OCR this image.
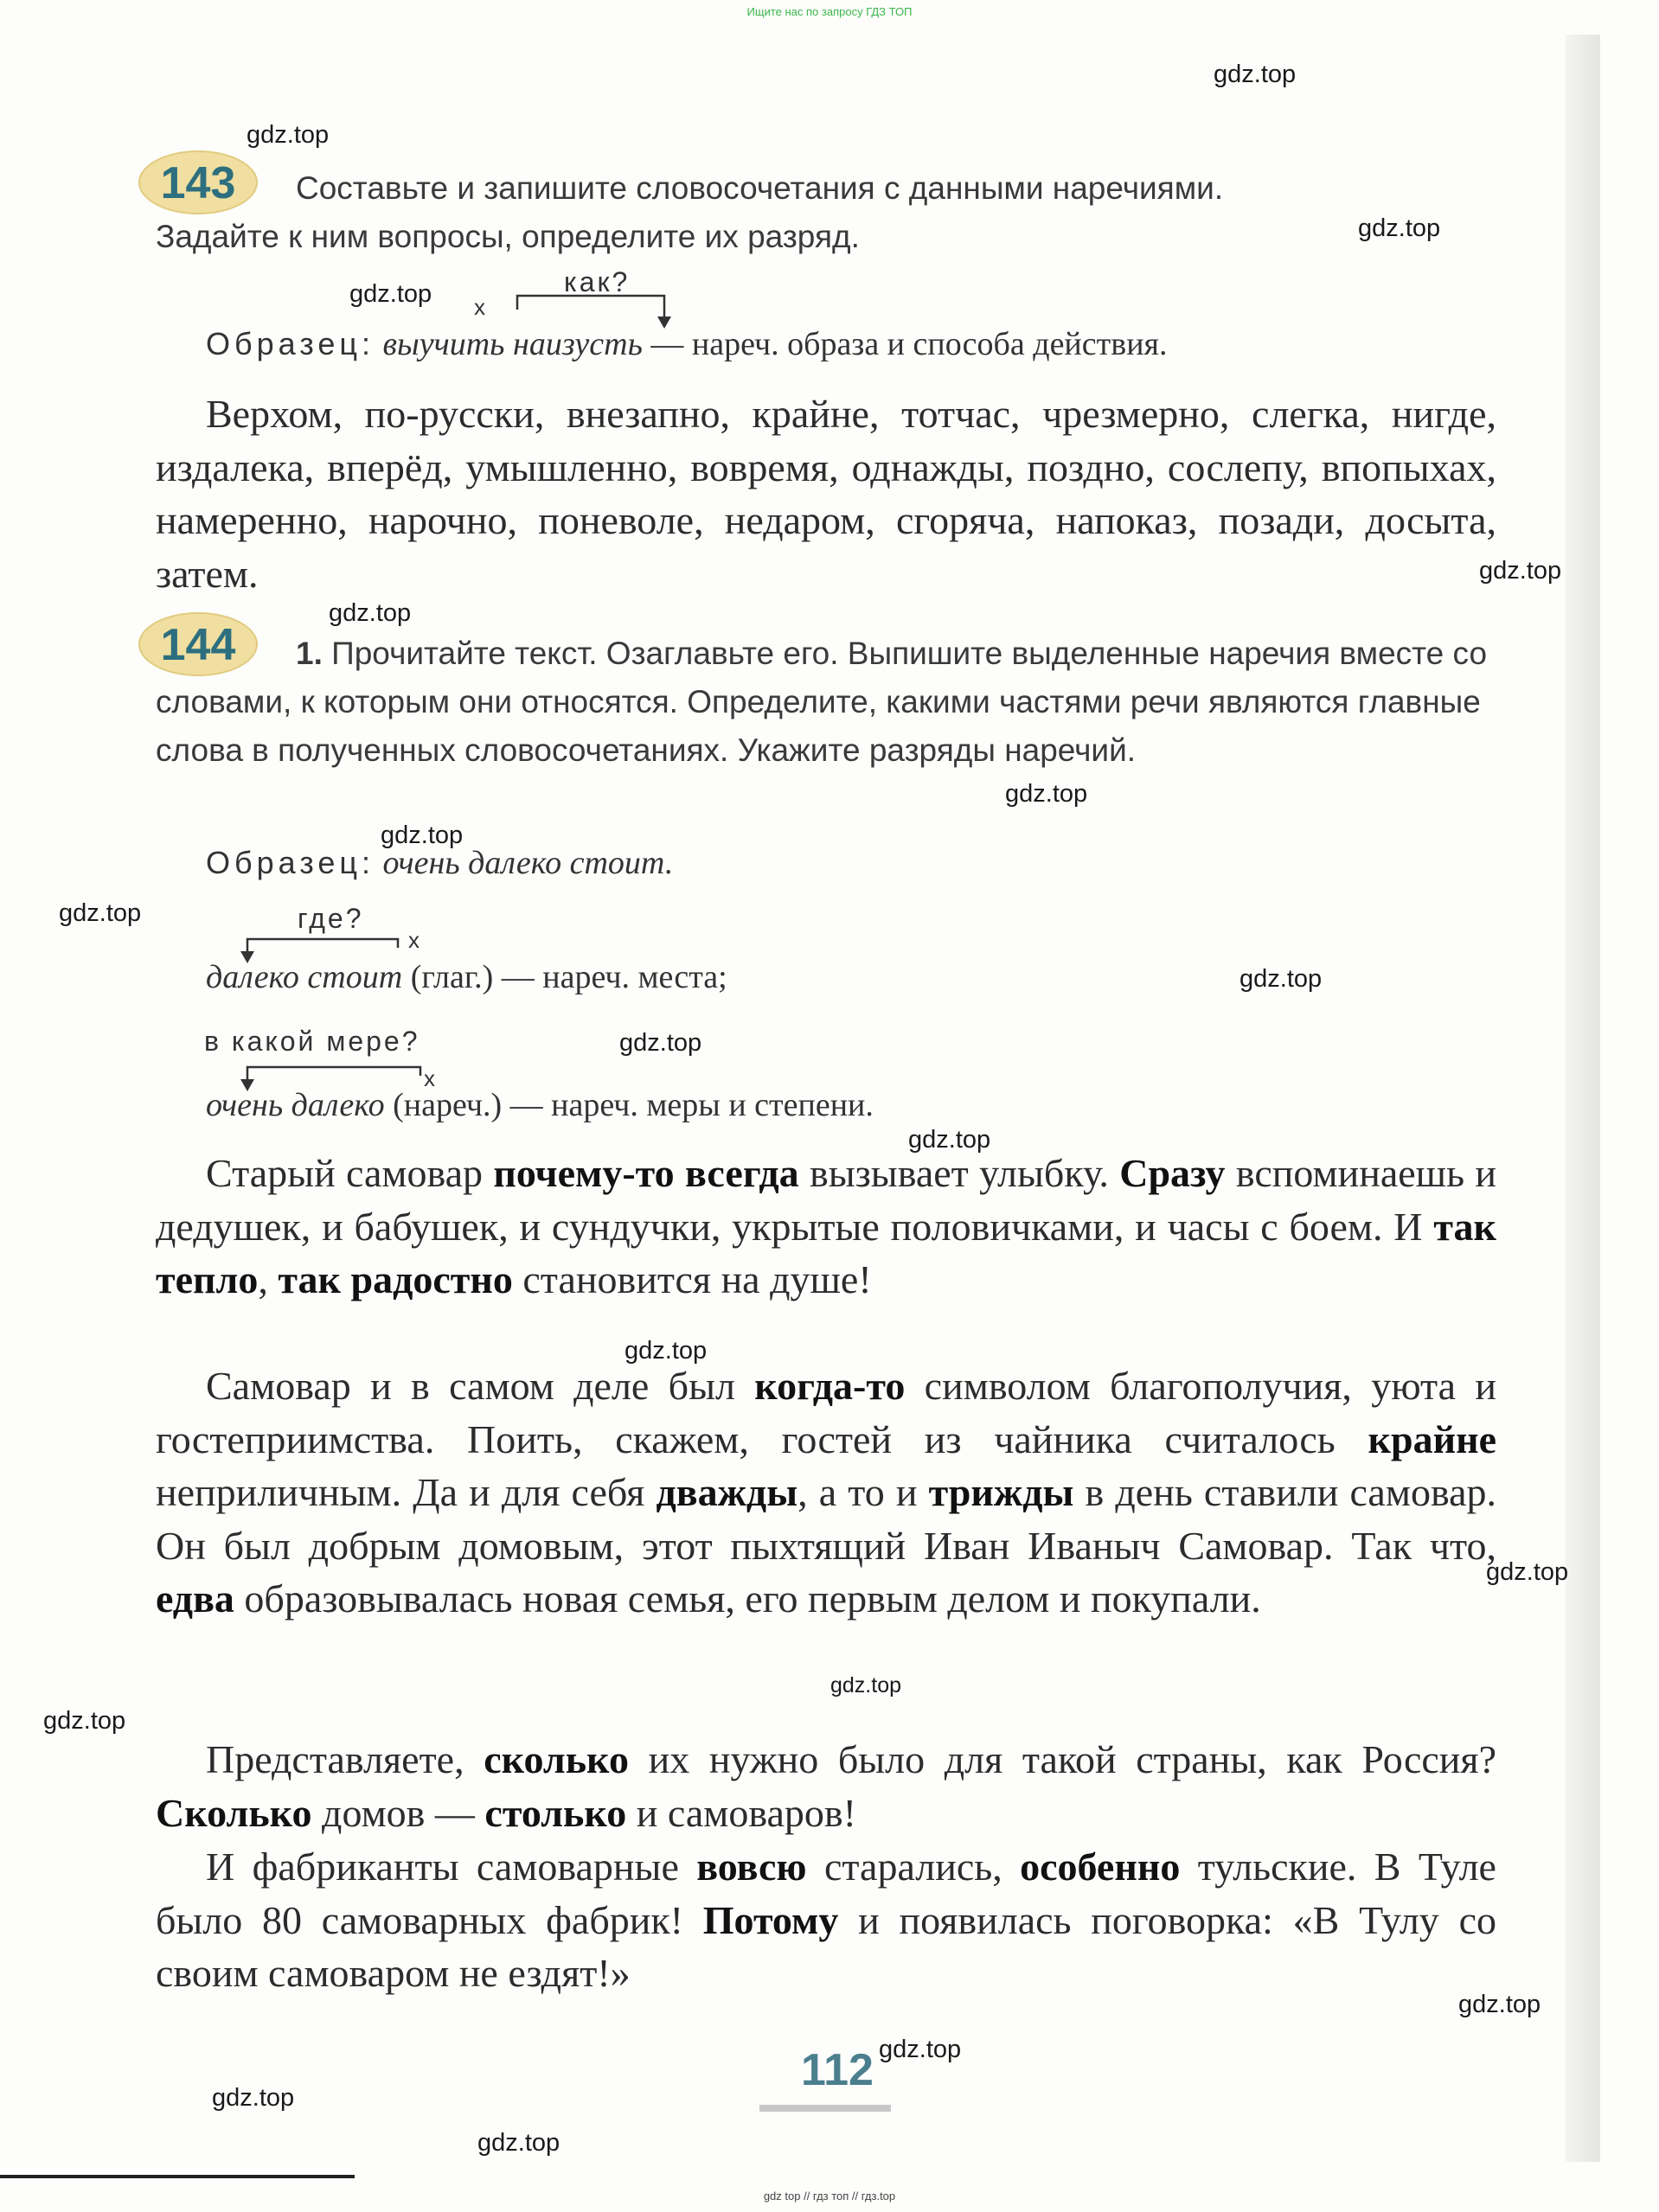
Ищите нас по запросу ГДЗ ТОП
gdz.top
gdz.top
gdz.top
gdz.top
gdz.top
gdz.top
gdz.top
gdz.top
gdz.top
gdz.top
gdz.top
gdz.top
gdz.top
gdz.top
gdz.top
gdz.top
gdz.top
gdz.top
gdz.top
gdz.top
143	Составьте и запишите словосочетания с данными наречиями.
Задайте к ним вопросы, определите их разряд.
x
как?
Образец: выучить наизусть — нареч. образа и способа действия.
Верхом, по-русски, внезапно, крайне, тотчас, чрезмерно, слегка, нигде, издалека, вперёд, умышленно, вовремя, однажды, поздно, сослепу, впопыхах, намеренно, нарочно, поневоле, недаром, сгоряча, напоказ, позади, досыта, затем.
144	1. Прочитайте текст. Озаглавьте его. Выпишите выделенные наречия вместе со словами, к которым они относятся. Определите, какими частями речи являются главные слова в полученных словосочетаниях. Укажите разряды наречий.
Образец: очень далеко стоит.
где?
x
далеко стоит (глаг.) — нареч. места;
в какой мере?
x
очень далеко (нареч.) — нареч. меры и степени.
Старый самовар почему-то всегда вызывает улыбку. Сразу вспоминаешь и дедушек, и бабушек, и сундучки, укрытые половичками, и часы с боем. И так тепло, так радостно становится на душе!
Самовар и в самом деле был когда-то символом благополучия, уюта и гостеприимства. Поить, скажем, гостей из чайника считалось крайне неприличным. Да и для себя дважды, а то и трижды в день ставили самовар. Он был добрым домовым, этот пыхтящий Иван Иваныч Самовар. Так что, едва образовывалась новая семья, его первым делом и покупали.
Представляете, сколько их нужно было для такой страны, как Россия? Сколько домов — столько и самоваров!
И фабриканты самоварные вовсю старались, особенно тульские. В Туле было 80 самоварных фабрик! Потому и появилась поговорка: «В Тулу со своим самоваром не ездят!»
112
gdz top // гдз топ // гдз.top
